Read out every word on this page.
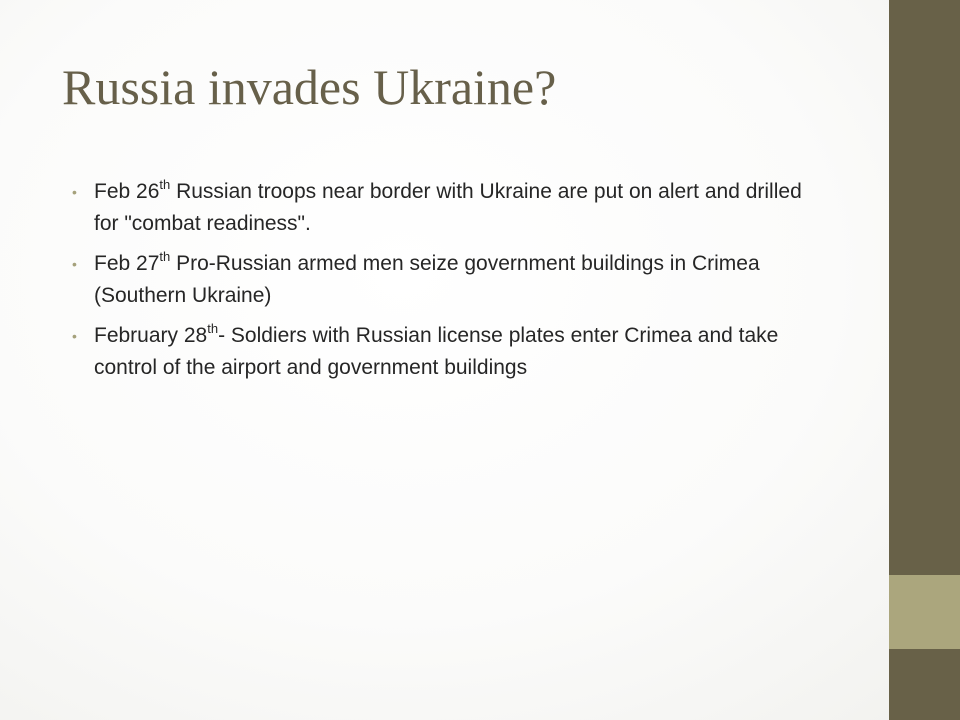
Russia invades Ukraine?
• Feb 26th Russian troops near border with Ukraine are put on alert and drilled for "combat readiness".
• Feb 27th Pro-Russian armed men seize government buildings in Crimea (Southern Ukraine)
• February 28th- Soldiers with Russian license plates enter Crimea and take control of the airport and government buildings
